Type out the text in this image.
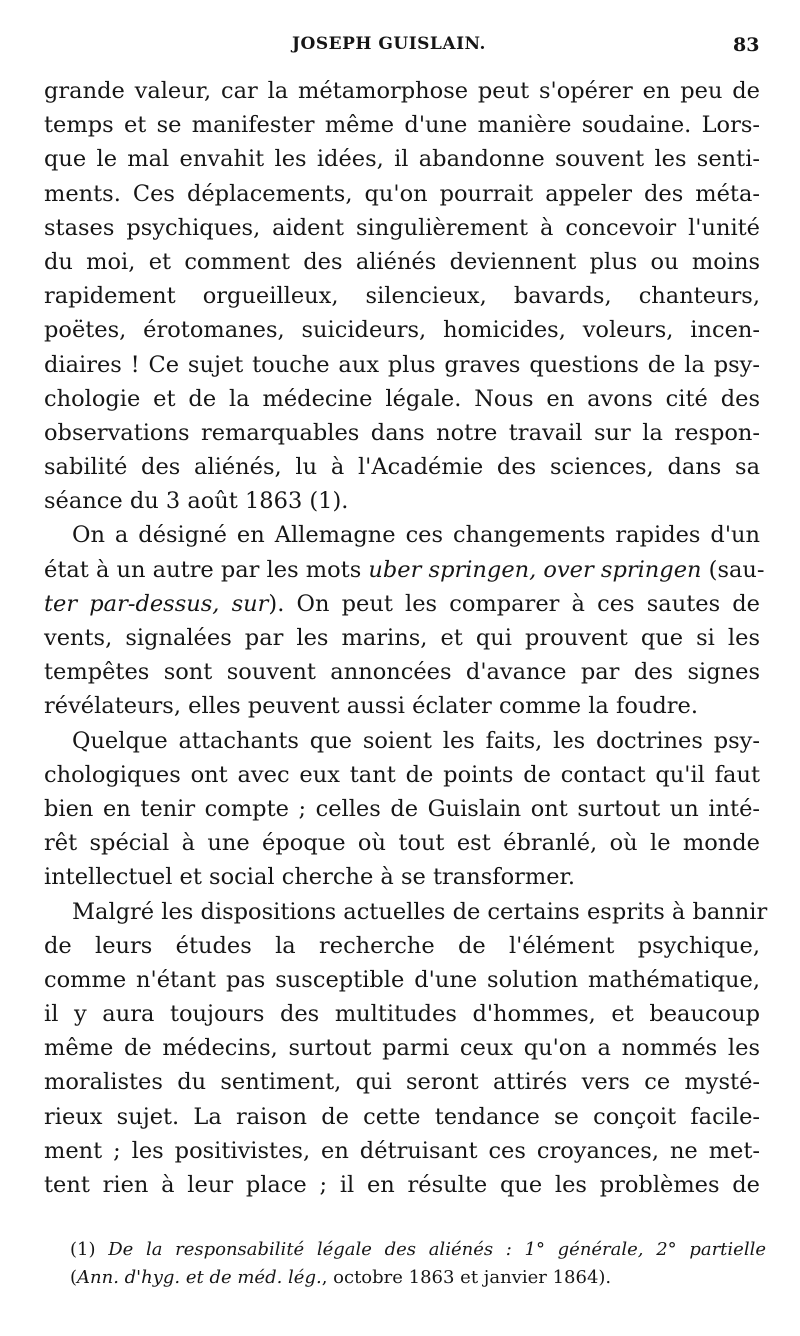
JOSEPH GUISLAIN.	83
grande valeur, car la métamorphose peut s'opérer en peu de
temps et se manifester même d'une manière soudaine. Lors-
que le mal envahit les idées, il abandonne souvent les senti-
ments. Ces déplacements, qu'on pourrait appeler des méta-
stases psychiques, aident singulièrement à concevoir l'unité
du moi, et comment des aliénés deviennent plus ou moins
rapidement orgueilleux, silencieux, bavards, chanteurs,
poëtes, érotomanes, suicideurs, homicides, voleurs, incen-
diaires ! Ce sujet touche aux plus graves questions de la psy-
chologie et de la médecine légale. Nous en avons cité des
observations remarquables dans notre travail sur la respon-
sabilité des aliénés, lu à l'Académie des sciences, dans sa
séance du 3 août 1863 (1).
On a désigné en Allemagne ces changements rapides d'un
état à un autre par les mots uber springen, over springen (sau-
ter par-dessus, sur). On peut les comparer à ces sautes de
vents, signalées par les marins, et qui prouvent que si les
tempêtes sont souvent annoncées d'avance par des signes
révélateurs, elles peuvent aussi éclater comme la foudre.
Quelque attachants que soient les faits, les doctrines psy-
chologiques ont avec eux tant de points de contact qu'il faut
bien en tenir compte ; celles de Guislain ont surtout un inté-
rêt spécial à une époque où tout est ébranlé, où le monde
intellectuel et social cherche à se transformer.
Malgré les dispositions actuelles de certains esprits à bannir
de leurs études la recherche de l'élément psychique,
comme n'étant pas susceptible d'une solution mathématique,
il y aura toujours des multitudes d'hommes, et beaucoup
même de médecins, surtout parmi ceux qu'on a nommés les
moralistes du sentiment, qui seront attirés vers ce mysté-
rieux sujet. La raison de cette tendance se conçoit facile-
ment ; les positivistes, en détruisant ces croyances, ne met-
tent rien à leur place ; il en résulte que les problèmes de
(1) De la responsabilité légale des aliénés : 1° générale, 2° partielle
(Ann. d'hyg. et de méd. lég., octobre 1863 et janvier 1864).
